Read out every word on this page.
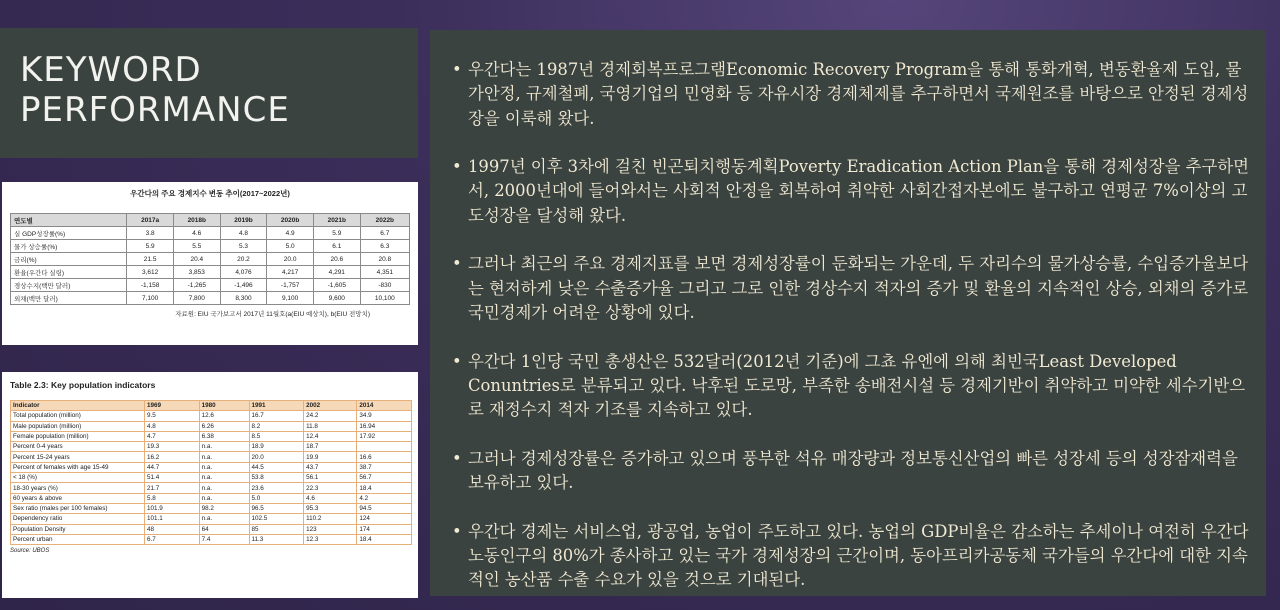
KEYWORD
PERFORMANCE
우간다의 주요 경제지수 변동 추이(2017~2022년)
연도별	2017a	2018b	2019b	2020b	2021b	2022b
실 GDP성장률(%)	3.8	4.6	4.8	4.9	5.9	6.7
물가 상승률(%)	5.9	5.5	5.3	5.0	6.1	6.3
금리(%)	21.5	20.4	20.2	20.0	20.6	20.8
환율(우간다 실링)	3,612	3,853	4,076	4,217	4,291	4,351
경상수지(백만 달러)	-1,158	-1,265	-1,496	-1,757	-1,605	-830
외채(백만 달러)	7,100	7,800	8,300	9,100	9,600	10,100
자료원: EIU 국가보고서 2017년 11월호(a(EIU 예상치), b(EIU 전망치)
Table 2.3: Key population indicators
Indicator	1969	1980	1991	2002	2014
Total population (million)	9.5	12.6	16.7	24.2	34.9
Male population (million)	4.8	6.26	8.2	11.8	16.94
Female population (million)	4.7	6.38	8.5	12.4	17.92
Percent 0-4 years	19.3	n.a.	18.9	18.7	
Percent 15-24 years	16.2	n.a.	20.0	19.9	16.6
Percent of females with age 15-49	44.7	n.a.	44.5	43.7	38.7
< 18 (%)	51.4	n.a.	53.8	56.1	56.7
18-30 years (%)	21.7	n.a.	23.6	22.3	18.4
60 years & above	5.8	n.a.	5.0	4.6	4.2
Sex ratio (males per 100 females)	101.9	98.2	96.5	95.3	94.5
Dependency ratio	101.1	n.a.	102.5	110.2	124
Population Density	48	64	85	123	174
Percent urban	6.7	7.4	11.3	12.3	18.4
Source: UBOS
• 우간다는 1987년 경제회복프로그램Economic Recovery Program을 통해 통화개혁, 변동환율제 도입, 물가안정, 규제철폐, 국영기업의 민영화 등 자유시장 경제체제를 추구하면서 국제원조를 바탕으로 안정된 경제성장을 이룩해 왔다.
• 1997년 이후 3차에 걸친 빈곤퇴치행동계획Poverty Eradication Action Plan을 통해 경제성장을 추구하면서, 2000년대에 들어와서는 사회적 안정을 회복하여 취약한 사회간접자본에도 불구하고 연평균 7%이상의 고도성장을 달성해 왔다.
• 그러나 최근의 주요 경제지표를 보면 경제성장률이 둔화되는 가운데, 두 자리수의 물가상승률, 수입증가율보다는 현저하게 낮은 수출증가율 그리고 그로 인한 경상수지 적자의 증가 및 환율의 지속적인 상승, 외채의 증가로 국민경제가 어려운 상황에 있다.
• 우간다 1인당 국민 총생산은 532달러(2012년 기준)에 그쵸 유엔에 의해 최빈국Least Developed Conuntries로 분류되고 있다. 낙후된 도로망, 부족한 송배전시설 등 경제기반이 취약하고 미약한 세수기반으로 재정수지 적자 기조를 지속하고 있다.
• 그러나 경제성장률은 증가하고 있으며 풍부한 석유 매장량과 정보통신산업의 빠른 성장세 등의 성장잠재력을 보유하고 있다.
• 우간다 경제는 서비스업, 광공업, 농업이 주도하고 있다. 농업의 GDP비율은 감소하는 추세이나 여전히 우간다 노동인구의 80%가 종사하고 있는 국가 경제성장의 근간이며, 동아프리카공동체 국가들의 우간다에 대한 지속적인 농산품 수출 수요가 있을 것으로 기대된다.
